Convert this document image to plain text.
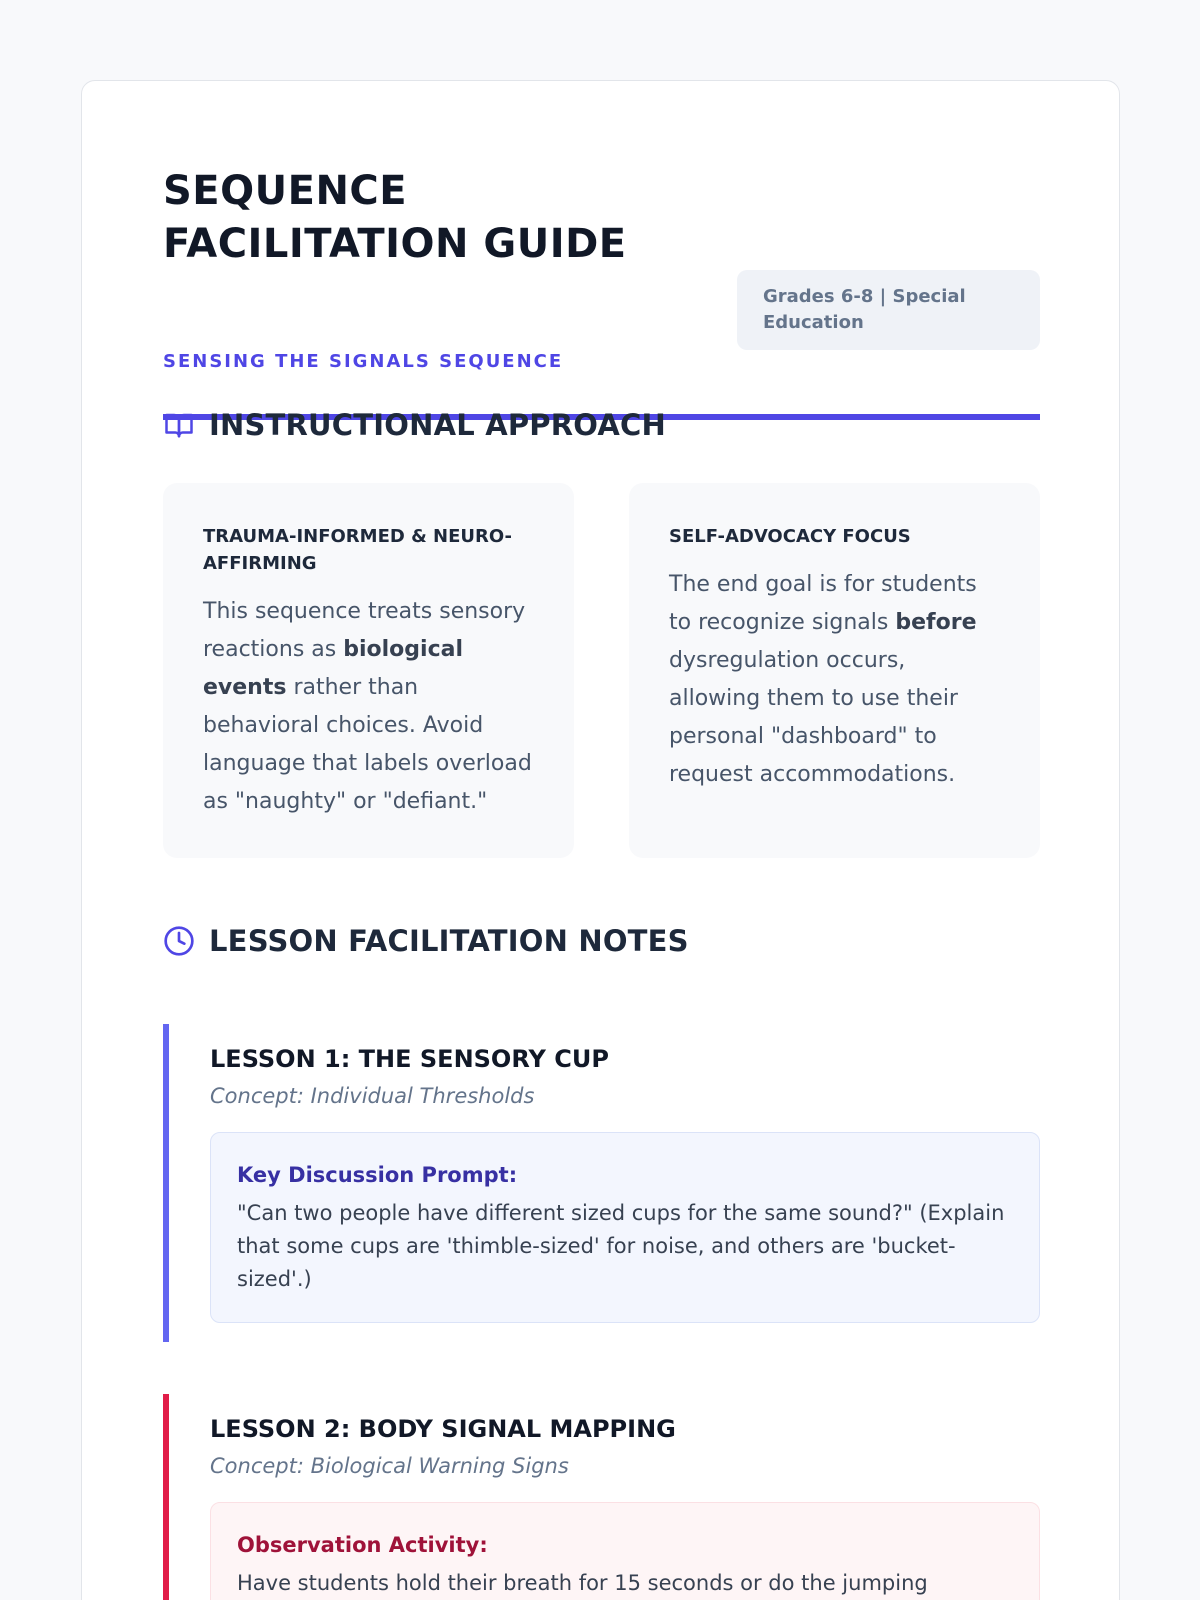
SEQUENCE FACILITATION GUIDE
SENSING THE SIGNALS SEQUENCE
Grades 6-8 | Special Education
INSTRUCTIONAL APPROACH
TRAUMA-INFORMED & NEURO-AFFIRMING

This sequence treats sensory reactions as biological events rather than behavioral choices. Avoid language that labels overload as "naughty" or "defiant."

SELF-ADVOCACY FOCUS

The end goal is for students to recognize signals before dysregulation occurs, allowing them to use their personal "dashboard" to request accommodations.

LESSON FACILITATION NOTES
LESSON 1: THE SENSORY CUP
Concept: Individual Thresholds
Key Discussion Prompt:
"Can two people have different sized cups for the same sound?" (Explain that some cups are 'thimble-sized' for noise, and others are 'bucket-sized'.)
LESSON 2: BODY SIGNAL MAPPING
Concept: Biological Warning Signs
Observation Activity:
Have students hold their breath for 15 seconds or do the jumping
